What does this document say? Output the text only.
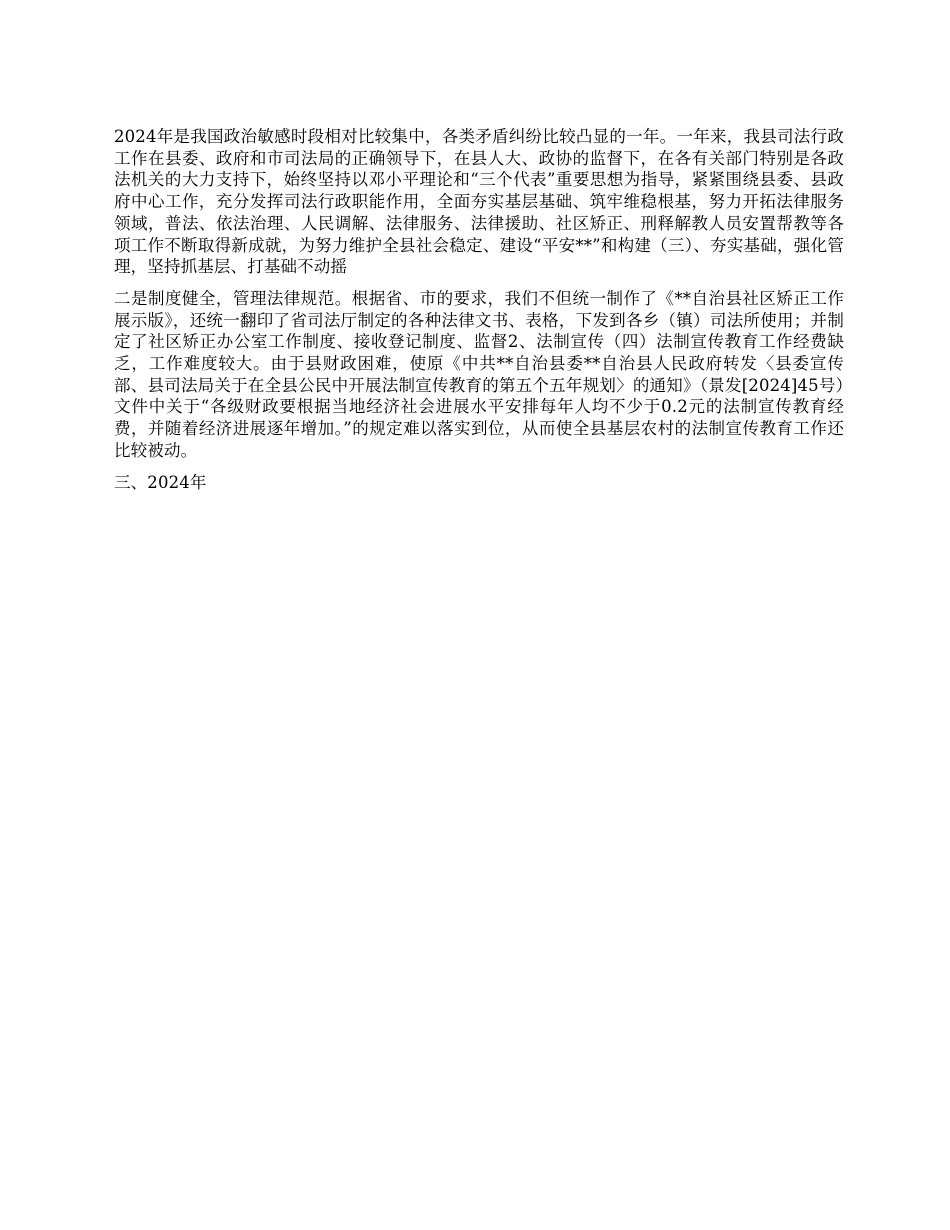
2024年是我国政治敏感时段相对比较集中，各类矛盾纠纷比较凸显的一年。一年来，我县司法行政工作在县委、政府和市司法局的正确领导下，在县人大、政协的监督下，在各有关部门特别是各政法机关的大力支持下，始终坚持以邓小平理论和“三个代表”重要思想为指导，紧紧围绕县委、县政府中心工作，充分发挥司法行政职能作用，全面夯实基层基础、筑牢维稳根基，努力开拓法律服务领域，普法、依法治理、人民调解、法律服务、法律援助、社区矫正、刑释解教人员安置帮教等各项工作不断取得新成就，为努力维护全县社会稳定、建设“平安**”和构建（三）、夯实基础，强化管理，坚持抓基层、打基础不动摇

二是制度健全，管理法律规范。根据省、市的要求，我们不但统一制作了《**自治县社区矫正工作展示版》，还统一翻印了省司法厅制定的各种法律文书、表格，下发到各乡（镇）司法所使用；并制定了社区矫正办公室工作制度、接收登记制度、监督2、法制宣传（四）法制宣传教育工作经费缺乏，工作难度较大。由于县财政困难，使原《中共**自治县委**自治县人民政府转发〈县委宣传部、县司法局关于在全县公民中开展法制宣传教育的第五个五年规划〉的通知》（景发[2024]45号）文件中关于“各级财政要根据当地经济社会进展水平安排每年人均不少于0.2元的法制宣传教育经费，并随着经济进展逐年增加。”的规定难以落实到位，从而使全县基层农村的法制宣传教育工作还比较被动。

三、2024年
